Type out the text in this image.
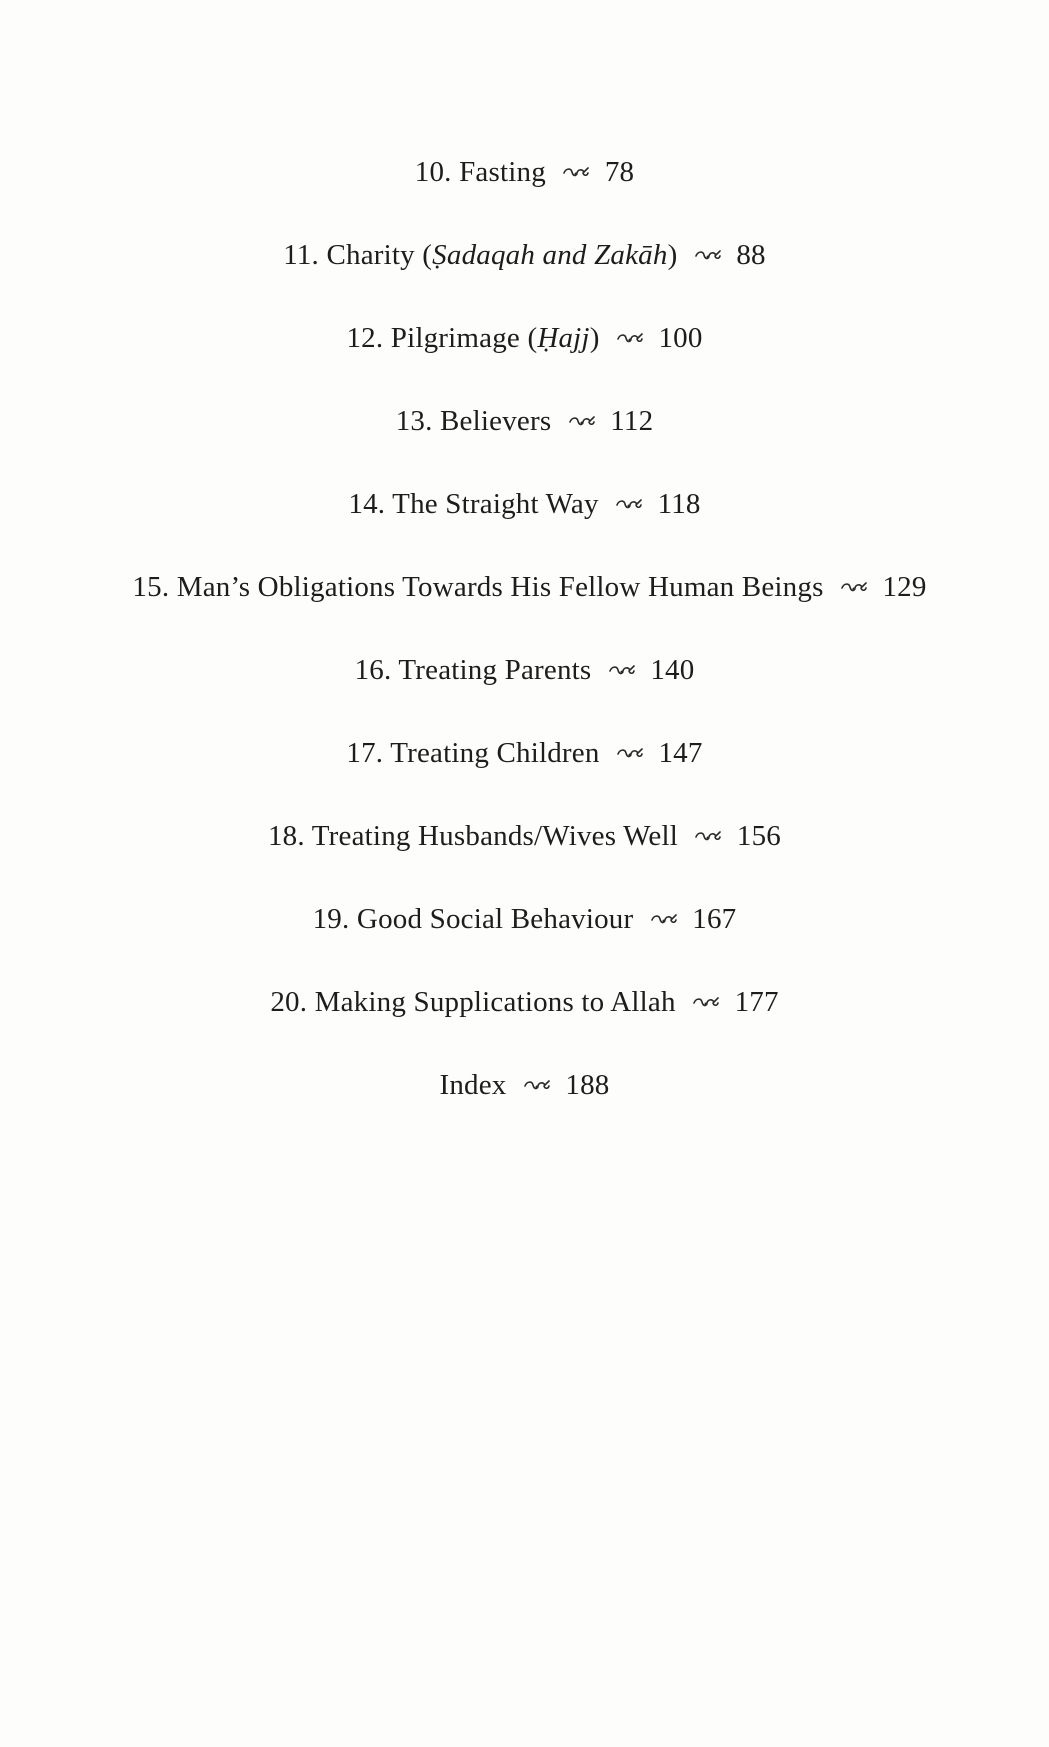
10. Fasting 78
11. Charity (Ṣadaqah and Zakāh) 88
12. Pilgrimage (Ḥajj) 100
13. Believers 112
14. The Straight Way 118
15. Man’s Obligations Towards His Fellow Human Beings 129
16. Treating Parents 140
17. Treating Children 147
18. Treating Husbands/Wives Well 156
19. Good Social Behaviour 167
20. Making Supplications to Allah 177
Index 188
